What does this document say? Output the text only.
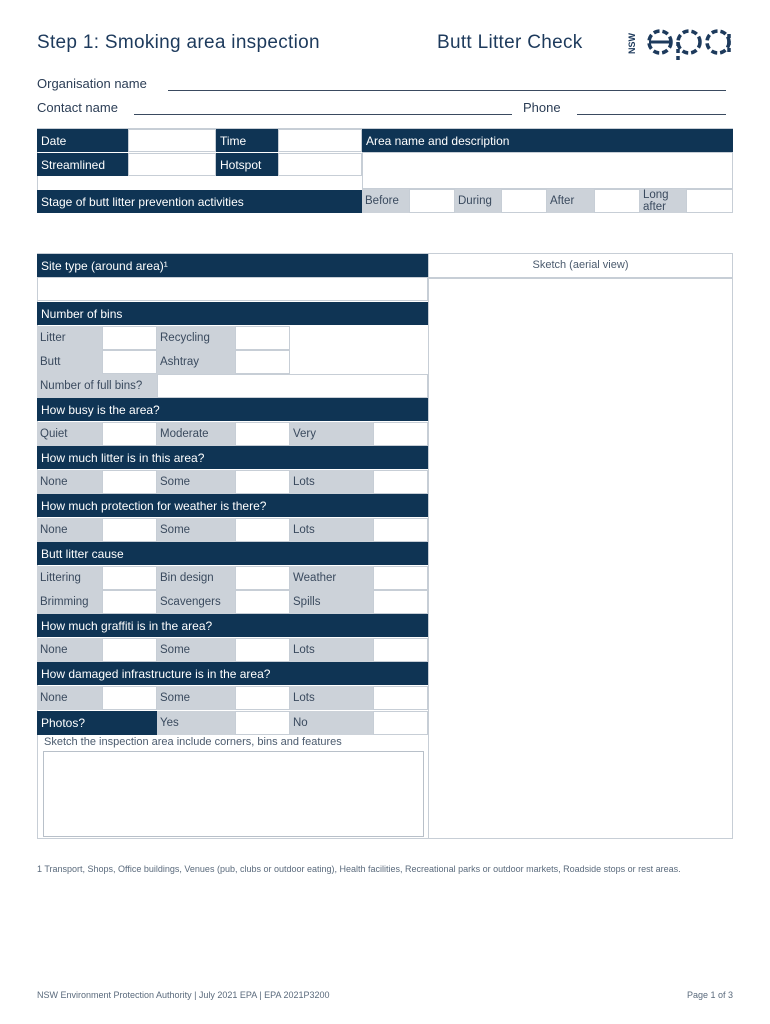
Step 1: Smoking area inspection	Butt Litter Check	NSW
Organisation name
Contact name	Phone
Date	Time	Area name and description
Streamlined	Hotspot
Stage of butt litter prevention activities	Before	During	After	Long after
Sketch (aerial view)
Site type (around area)¹
Number of bins
Litter	Recycling
Butt	Ashtray
Number of full bins?
How busy is the area?
Quiet	Moderate	Very
How much litter is in this area?
None	Some	Lots
How much protection for weather is there?
None	Some	Lots
Butt litter cause
Littering	Bin design	Weather
Brimming	Scavengers	Spills
How much graffiti is in the area?
None	Some	Lots
How damaged infrastructure is in the area?
None	Some	Lots
Photos?	Yes	No
Sketch the inspection area include corners, bins and features
1 Transport, Shops, Office buildings, Venues (pub, clubs or outdoor eating), Health facilities, Recreational parks or outdoor markets, Roadside stops or rest areas.
NSW Environment Protection Authority | July 2021 EPA | EPA 2021P3200	Page 1 of 3
